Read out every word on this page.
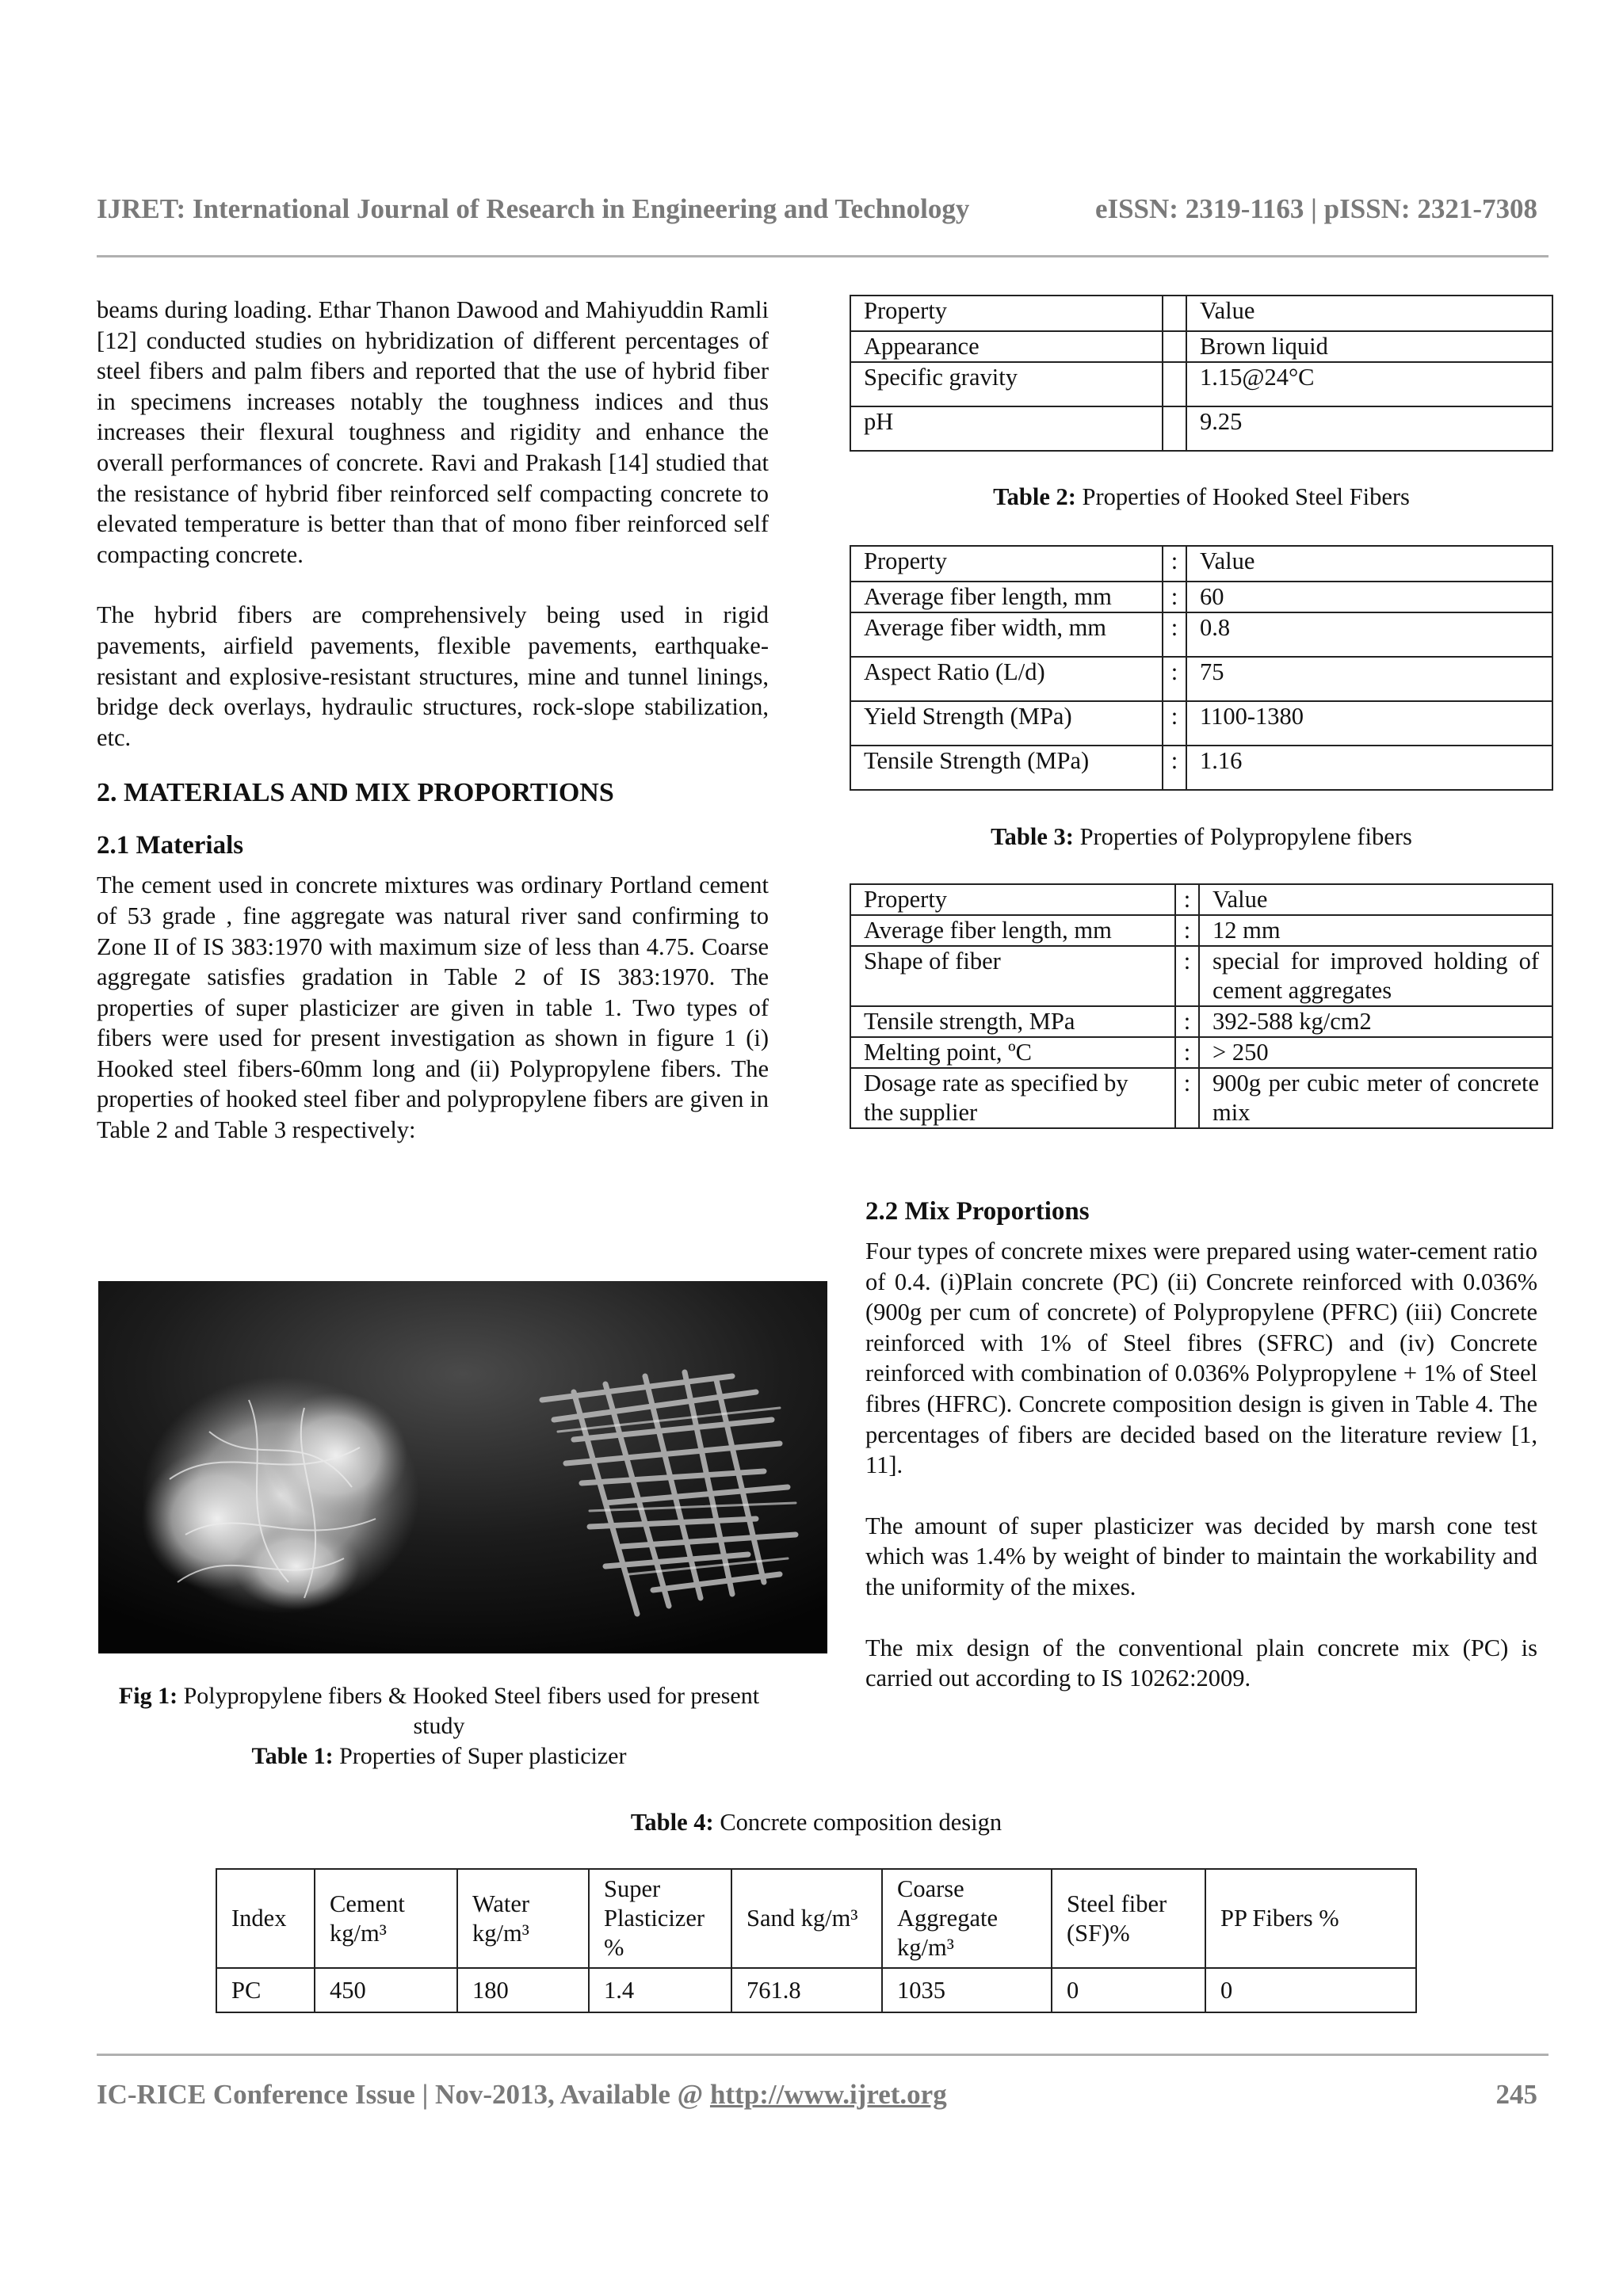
IJRET: International Journal of Research in Engineering and Technology	eISSN: 2319-1163 | pISSN: 2321-7308

beams during loading. Ethar Thanon Dawood and Mahiyuddin Ramli [12] conducted studies on hybridization of different percentages of steel fibers and palm fibers and reported that the use of hybrid fiber in specimens increases notably the toughness indices and thus increases their flexural toughness and rigidity and enhance the overall performances of concrete. Ravi and Prakash [14] studied that the resistance of hybrid fiber reinforced self compacting concrete to elevated temperature is better than that of mono fiber reinforced self compacting concrete.

The hybrid fibers are comprehensively being used in rigid pavements, airfield pavements, flexible pavements, earthquake-resistant and explosive-resistant structures, mine and tunnel linings, bridge deck overlays, hydraulic structures, rock-slope stabilization, etc.

2. MATERIALS AND MIX PROPORTIONS
2.1 Materials

The cement used in concrete mixtures was ordinary Portland cement of 53 grade , fine aggregate was natural river sand confirming to Zone II of IS 383:1970 with maximum size of less than 4.75. Coarse aggregate satisfies gradation in Table 2 of IS 383:1970. The properties of super plasticizer are given in table 1. Two types of fibers were used for present investigation as shown in figure 1 (i) Hooked steel fibers-60mm long and (ii) Polypropylene fibers. The properties of hooked steel fiber and polypropylene fibers are given in Table 2 and Table 3 respectively:

Fig 1: Polypropylene fibers & Hooked Steel fibers used for present study

Table 1: Properties of Super plasticizer

Property		Value
Appearance		Brown liquid
Specific gravity		1.15@24°C
pH		9.25

Table 2: Properties of Hooked Steel Fibers

Property	:	Value
Average fiber length, mm	:	60
Average fiber width, mm	:	0.8
Aspect Ratio (L/d)	:	75
Yield Strength (MPa)	:	1100-1380
Tensile Strength (MPa)	:	1.16

Table 3: Properties of Polypropylene fibers

Property	:	Value
Average fiber length, mm	:	12 mm
Shape of fiber	:	special for improved holding of cement aggregates
Tensile strength, MPa	:	392-588 kg/cm2
Melting point, ºC	:	> 250
Dosage rate as specified by the supplier	:	900g per cubic meter of concrete mix
2.2 Mix Proportions

Four types of concrete mixes were prepared using water-cement ratio of 0.4. (i)Plain concrete (PC) (ii) Concrete reinforced with 0.036% (900g per cum of concrete) of Polypropylene (PFRC) (iii) Concrete reinforced with 1% of Steel fibres (SFRC) and (iv) Concrete reinforced with combination of 0.036% Polypropylene + 1% of Steel fibres (HFRC). Concrete composition design is given in Table 4. The percentages of fibers are decided based on the literature review [1, 11].

The amount of super plasticizer was decided by marsh cone test which was 1.4% by weight of binder to maintain the workability and the uniformity of the mixes.

The mix design of the conventional plain concrete mix (PC) is carried out according to IS 10262:2009.

Table 4: Concrete composition design

Index	Cement kg/m³	Water kg/m³	Super Plasticizer %	Sand kg/m³	Coarse Aggregate kg/m³	Steel fiber (SF)%	PP Fibers %
PC	450	180	1.4	761.8	1035	0	0
IC-RICE Conference Issue | Nov-2013, Available @ http://www.ijret.org	245
